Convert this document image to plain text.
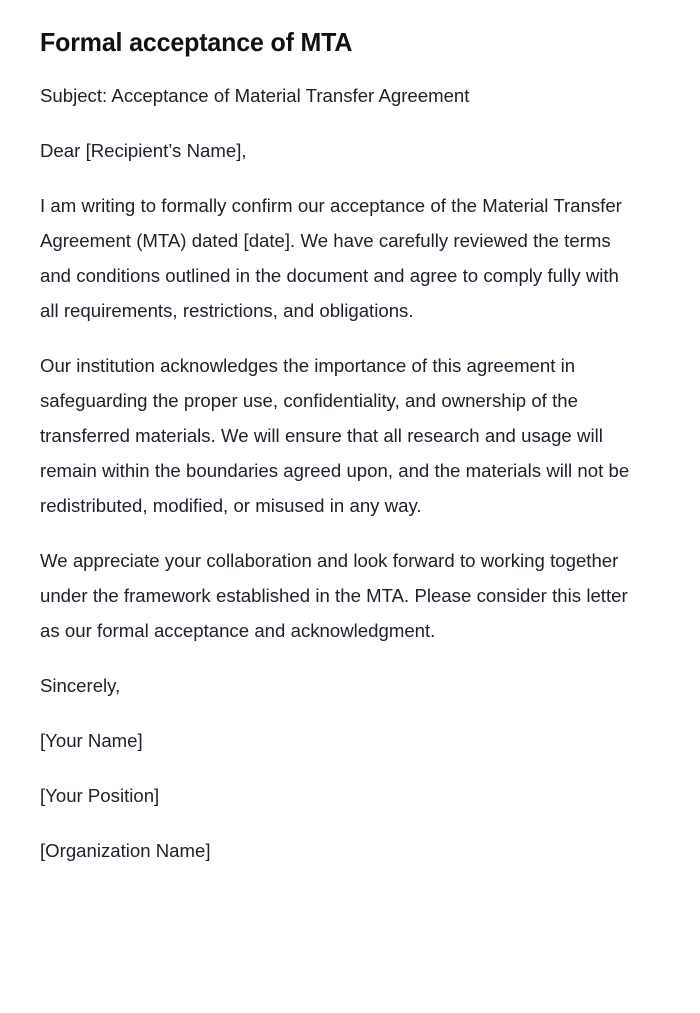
Formal acceptance of MTA

Subject: Acceptance of Material Transfer Agreement

Dear [Recipient’s Name],

I am writing to formally confirm our acceptance of the Material Transfer Agreement (MTA) dated [date]. We have carefully reviewed the terms and conditions outlined in the document and agree to comply fully with all requirements, restrictions, and obligations.

Our institution acknowledges the importance of this agreement in safeguarding the proper use, confidentiality, and ownership of the transferred materials. We will ensure that all research and usage will remain within the boundaries agreed upon, and the materials will not be redistributed, modified, or misused in any way.

We appreciate your collaboration and look forward to working together under the framework established in the MTA. Please consider this letter as our formal acceptance and acknowledgment.

Sincerely,

[Your Name]

[Your Position]

[Organization Name]
